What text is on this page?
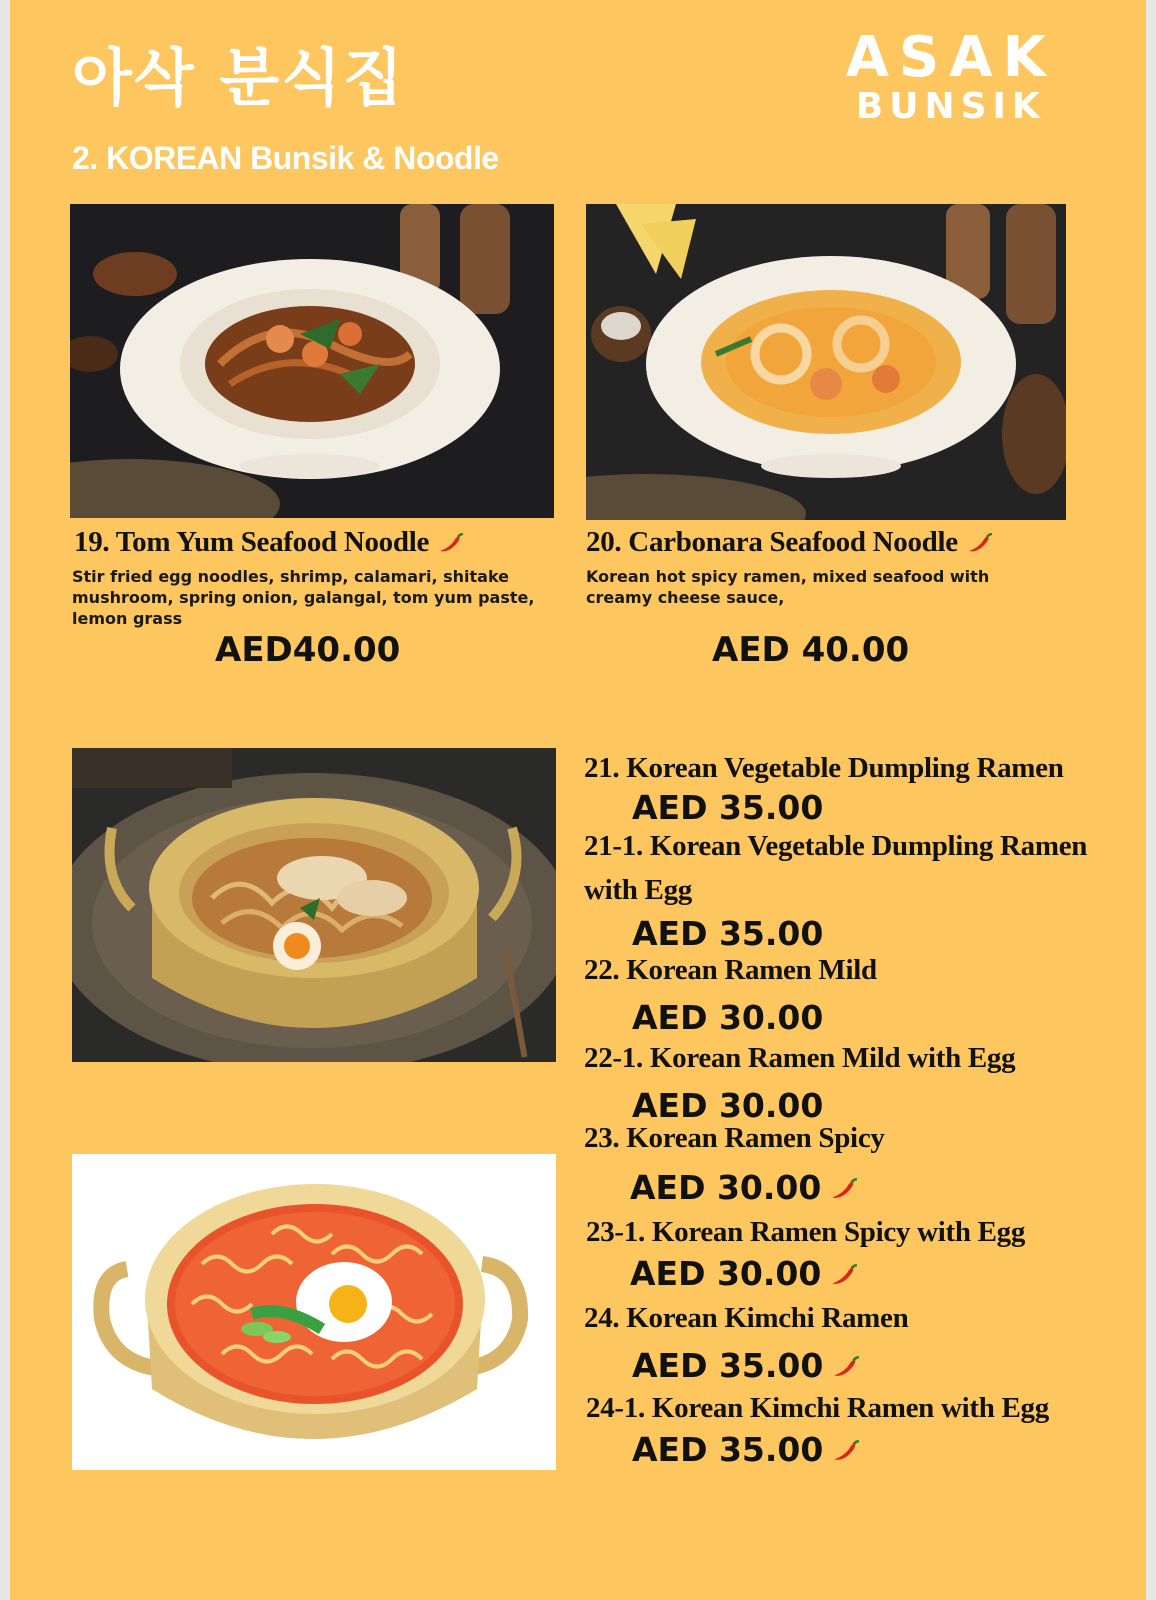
아삭 분식집	ASAK
BUNSIK
2. KOREAN Bunsik & Noodle
19. Tom Yum Seafood Noodle
Stir fried egg noodles, shrimp, calamari, shitake mushroom, spring onion, galangal, tom yum paste, lemon grass
AED40.00
20. Carbonara Seafood Noodle
Korean hot spicy ramen, mixed seafood with creamy cheese sauce,
AED 40.00
21. Korean Vegetable Dumpling Ramen
AED 35.00
21-1. Korean Vegetable Dumpling Ramen
with Egg
AED 35.00
22. Korean Ramen Mild
AED 30.00
22-1. Korean Ramen Mild with Egg
AED 30.00
23. Korean Ramen Spicy
AED 30.00
23-1. Korean Ramen Spicy with Egg
AED 30.00
24. Korean Kimchi Ramen
AED 35.00
24-1. Korean Kimchi Ramen with Egg
AED 35.00
